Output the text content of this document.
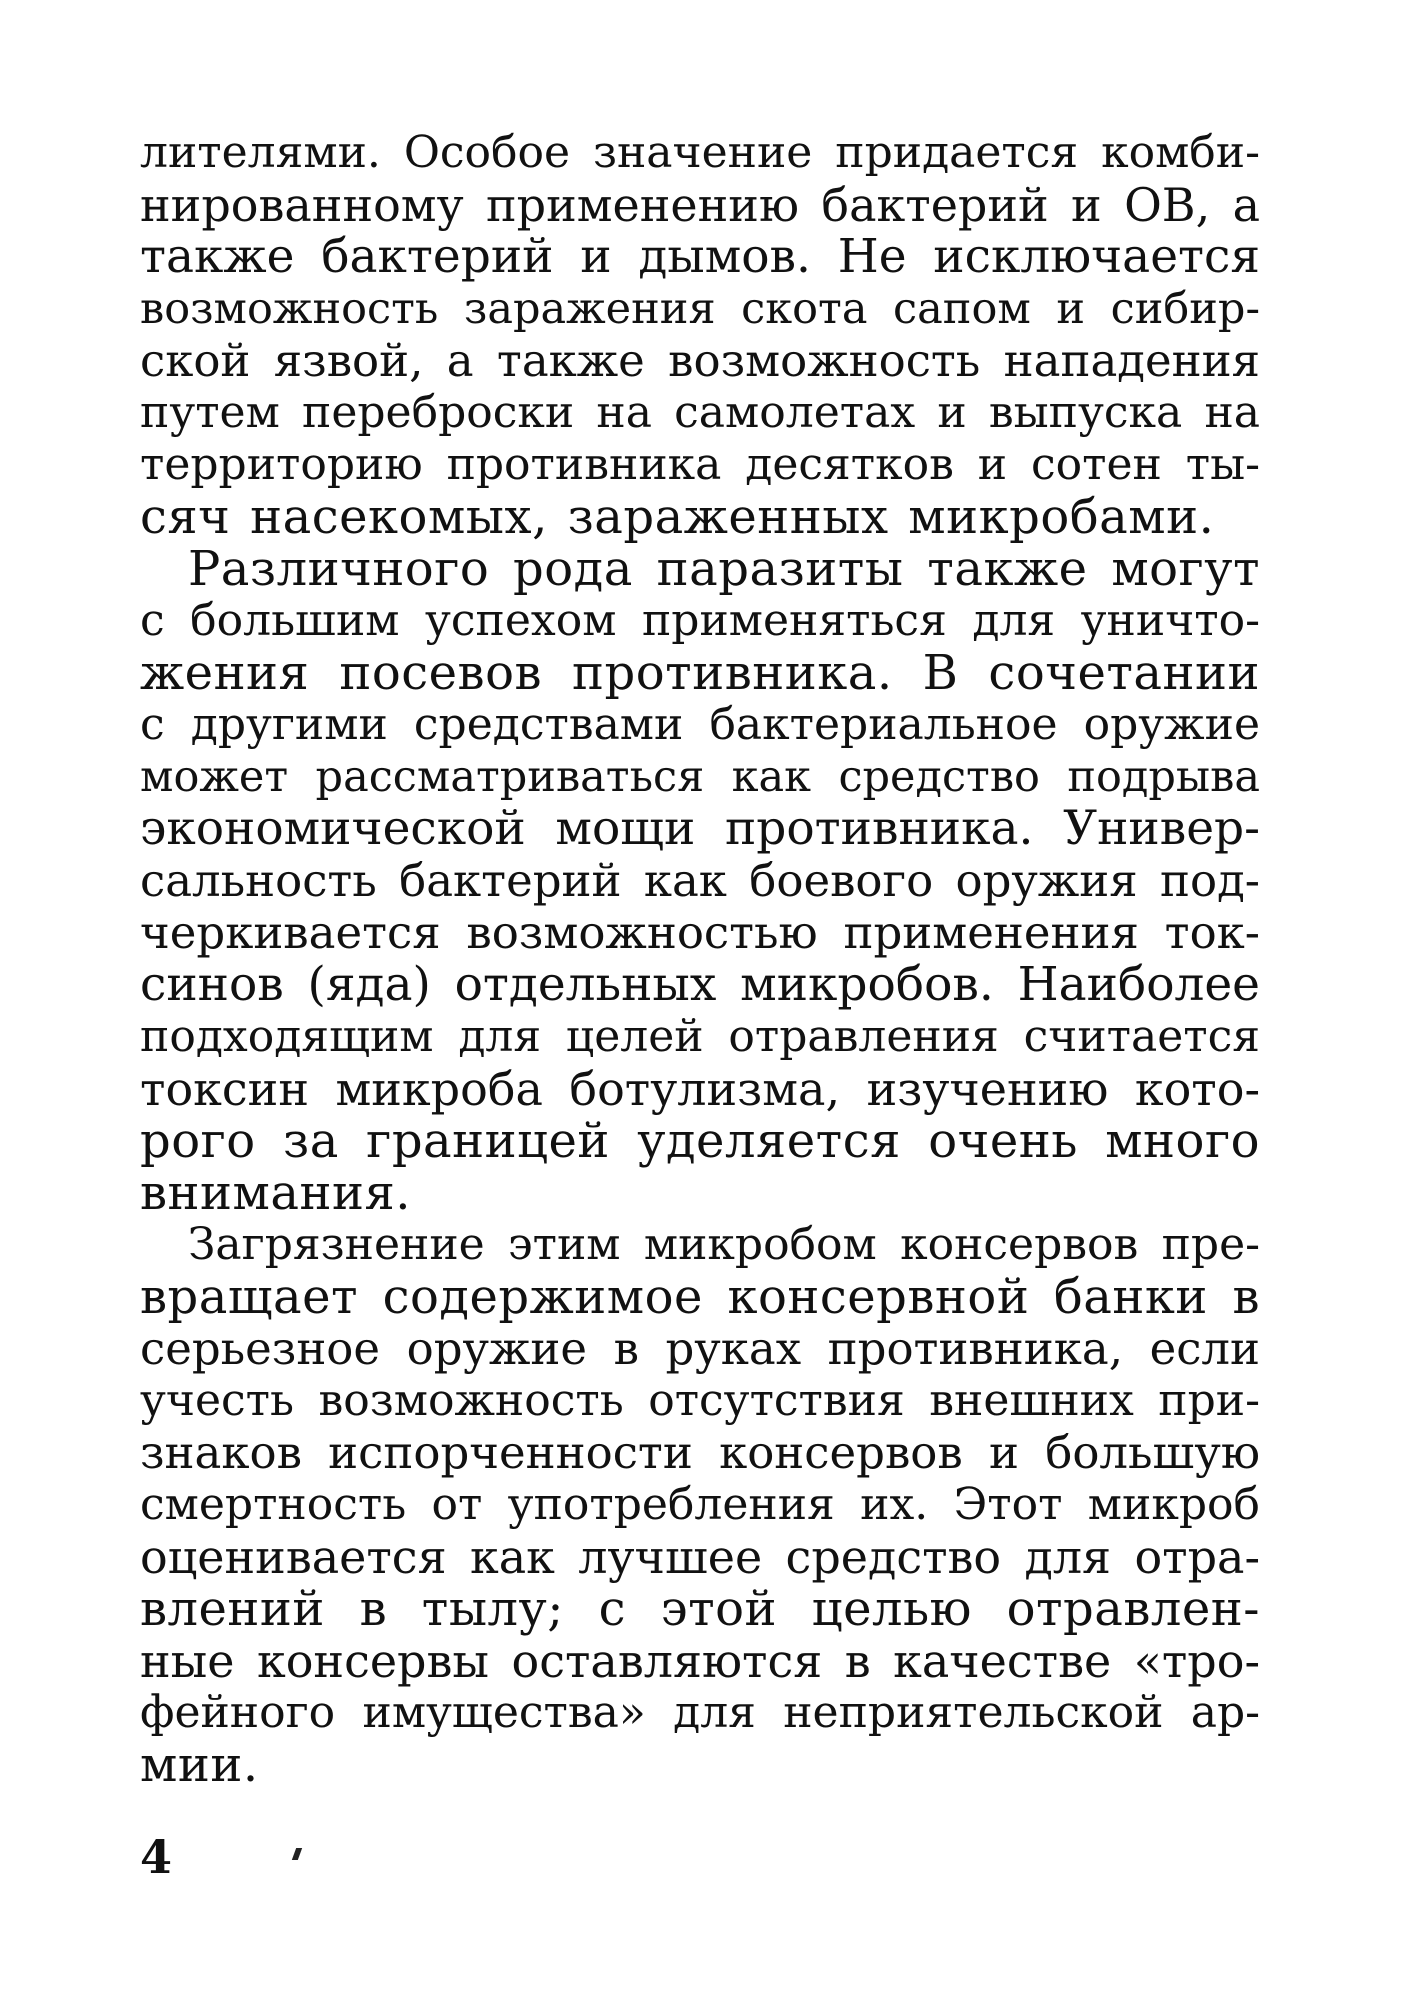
лителями. Особое значение придается комби-
нированному применению бактерий и ОВ, а
также бактерий и дымов. Не исключается
возможность заражения скота сапом и сибир-
ской язвой, а также возможность нападения
путем переброски на самолетах и выпуска на
территорию противника десятков и сотен ты-
сяч насекомых, зараженных микробами.
Различного рода паразиты также могут
с большим успехом применяться для уничто-
жения посевов противника. В сочетании
с другими средствами бактериальное оружие
может рассматриваться как средство подрыва
экономической мощи противника. Универ-
сальность бактерий как боевого оружия под-
черкивается возможностью применения ток-
синов (яда) отдельных микробов. Наиболее
подходящим для целей отравления считается
токсин микроба ботулизма, изучению кото-
рого за границей уделяется очень много
внимания.
Загрязнение этим микробом консервов пре-
вращает содержимое консервной банки в
серьезное оружие в руках противника, если
учесть возможность отсутствия внешних при-
знаков испорченности консервов и большую
смертность от употребления их. Этот микроб
оценивается как лучшее средство для отра-
влений в тылу; с этой целью отравлен-
ные консервы оставляются в качестве «тро-
фейного имущества» для неприятельской ар-
мии.
4
